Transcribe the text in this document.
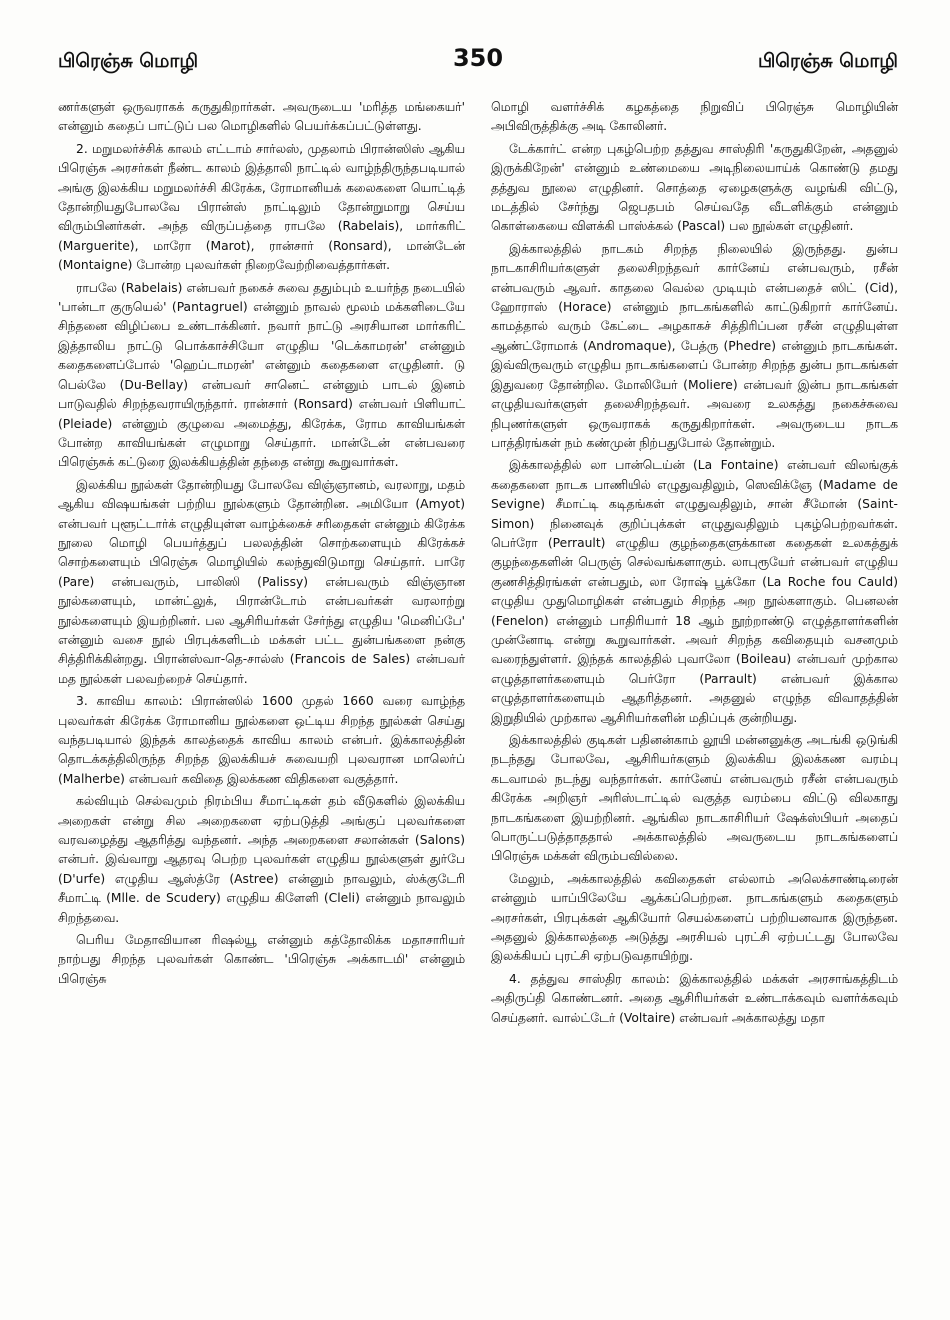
பிரெஞ்சு மொழி	350	பிரெஞ்சு மொழி

ணர்களுள் ஒருவராகக் கருதுகிறார்கள். அவருடைய 'மரித்த மங்கையர்' என்னும் கதைப் பாட்டுப் பல மொழிகளில் பெயர்க்கப்பட்டுள்ளது.

2. மறுமலர்ச்சிக் காலம் எட்டாம் சார்லஸ், முதலாம் பிரான்ஸிஸ் ஆகிய பிரெஞ்சு அரசர்கள் நீண்ட காலம் இத்தாலி நாட்டில் வாழ்ந்திருந்தபடியால் அங்கு இலக்கிய மறுமலர்ச்சி கிரேக்க, ரோமானியக் கலைகளை யொட்டித் தோன்றியதுபோலவே பிரான்ஸ் நாட்டிலும் தோன்றுமாறு செய்ய விரும்பினர்கள். அந்த விருப்பத்தை ராபலே (Rabelais), மார்கரிட் (Marguerite), மாரோ (Marot), ரான்சார் (Ronsard), மான்டேன் (Montaigne) போன்ற புலவர்கள் நிறைவேற்றிவைத்தார்கள்.

ராபலே (Rabelais) என்பவர் நகைச் சுவை ததும்பும் உயர்ந்த நடையில் 'பான்டா குருயெல்' (Pantagruel) என்னும் நாவல் மூலம் மக்களிடையே சிந்தனை விழிப்பை உண்டாக்கினர். நவார் நாட்டு அரசியான மார்கரிட் இத்தாலிய நாட்டு பொக்காச்சியோ எழுதிய 'டெக்காமரன்' என்னும் கதைகளைப்போல் 'ஹெப்டாமரன்' என்னும் கதைகளை எழுதினர். டு பெல்லே (Du-Bellay) என்பவர் சானெட் என்னும் பாடல் இனம் பாடுவதில் சிறந்தவராயிருந்தார். ரான்சார் (Ronsard) என்பவர் பிளியாட் (Pleiade) என்னும் குழுவை அமைத்து, கிரேக்க, ரோம காவியங்கள் போன்ற காவியங்கள் எழுமாறு செய்தார். மான்டேன் என்பவரை பிரெஞ்சுக் கட்டுரை இலக்கியத்தின் தந்தை என்று கூறுவார்கள்.

இலக்கிய நூல்கள் தோன்றியது போலவே விஞ்ஞானம், வரலாறு, மதம் ஆகிய விஷயங்கள் பற்றிய நூல்களும் தோன்றின. அமியோ (Amyot) என்பவர் புளூட்டார்க் எழுதியுள்ள வாழ்க்கைச் சரிதைகள் என்னும் கிரேக்க நூலை மொழி பெயர்த்துப் பலலத்தின் சொற்களையும் கிரேக்கச் சொற்களையும் பிரெஞ்சு மொழியில் கலந்துவிடுமாறு செய்தார். பாரே (Pare) என்பவரும், பாலிஸி (Palissy) என்பவரும் விஞ்ஞான நூல்களையும், மான்ட்லுக், பிரான்டோம் என்பவர்கள் வரலாற்று நூல்களையும் இயற்றினர். பல ஆசிரியர்கள் சேர்ந்து எழுதிய 'மெனிப்பே' என்னும் வசை நூல் பிரபுக்களிடம் மக்கள் பட்ட துன்பங்களை நன்கு சித்திரிக்கின்றது. பிரான்ஸ்வா-தெ-சால்ஸ் (Francois de Sales) என்பவர் மத நூல்கள் பலவற்றைச் செய்தார்.

3. காவிய காலம்: பிரான்ஸில் 1600 முதல் 1660 வரை வாழ்ந்த புலவர்கள் கிரேக்க ரோமானிய நூல்களை ஒட்டிய சிறந்த நூல்கள் செய்து வந்தபடியால் இந்தக் காலத்தைக் காவிய காலம் என்பர். இக்காலத்தின் தொடக்கத்திலிருந்த சிறந்த இலக்கியச் சுவையறி புலவரான மாலெர்ப் (Malherbe) என்பவர் கவிதை இலக்கண விதிகளை வகுத்தார்.

கல்வியும் செல்வமும் நிரம்பிய சீமாட்டிகள் தம் வீடுகளில் இலக்கிய அறைகள் என்று சில அறைகளை ஏற்படுத்தி அங்குப் புலவர்களை வரவழைத்து ஆதரித்து வந்தனர். அந்த அறைகளை சலான்கள் (Salons) என்பர். இவ்வாறு ஆதரவு பெற்ற புலவர்கள் எழுதிய நூல்களுள் துர்பே (D'urfe) எழுதிய ஆஸ்த்ரே (Astree) என்னும் நாவலும், ஸ்க்குடேரி சீமாட்டி (Mlle. de Scudery) எழுதிய கிளேளி (Cleli) என்னும் நாவலும் சிறந்தவை.

பெரிய மேதாவியான ரிஷல்யூ என்னும் கத்தோலிக்க மதாசாரியர் நாற்பது சிறந்த புலவர்கள் கொண்ட 'பிரெஞ்சு அக்காடமி' என்னும் பிரெஞ்சு

மொழி வளர்ச்சிக் கழகத்தை நிறுவிப் பிரெஞ்சு மொழியின் அபிவிருத்திக்கு அடி கோலினர்.

டேக்கார்ட் என்ற புகழ்பெற்ற தத்துவ சாஸ்திரி 'கருதுகிறேன், அதனுல் இருக்கிறேன்' என்னும் உண்மையை அடிநிலையாய்க் கொண்டு தமது தத்துவ நூலை எழுதினர். சொத்தை ஏழைகளுக்கு வழங்கி விட்டு, மடத்தில் சேர்ந்து ஜெபதபம் செய்வதே வீடளிக்கும் என்னும் கொள்கையை விளக்கி பாஸ்க்கல் (Pascal) பல நூல்கள் எழுதினர்.

இக்காலத்தில் நாடகம் சிறந்த நிலையில் இருந்தது. துன்ப நாடகாசிரியர்களுள் தலைசிறந்தவர் கார்னேய் என்பவரும், ரசீன் என்பவரும் ஆவர். காதலை வெல்ல முடியும் என்பதைச் ஸிட் (Cid), ஹோராஸ் (Horace) என்னும் நாடகங்களில் காட்டுகிறார் கார்னேய். காமத்தால் வரும் கேட்டை அழகாகச் சித்திரிப்பன ரசீன் எழுதியுள்ள ஆண்ட்ரோமாக் (Andromaque), பேத்ரு (Phedre) என்னும் நாடகங்கள். இவ்விருவரும் எழுதிய நாடகங்களைப் போன்ற சிறந்த துன்ப நாடகங்கள் இதுவரை தோன்றில. மோலியேர் (Moliere) என்பவர் இன்ப நாடகங்கள் எழுதியவர்களுள் தலைசிறந்தவர். அவரை உலகத்து நகைச்சுவை நிபுணர்களுள் ஒருவராகக் கருதுகிறார்கள். அவருடைய நாடக பாத்திரங்கள் நம் கண்முன் நிற்பதுபோல் தோன்றும்.

இக்காலத்தில் லா பான்டெய்ன் (La Fontaine) என்பவர் விலங்குக் கதைகளை நாடக பாணியில் எழுதுவதிலும், ஸெவிக்ஞே (Madame de Sevigne) சீமாட்டி கடிதங்கள் எழுதுவதிலும், சான் சீமோன் (Saint-Simon) நினைவுக் குறிப்புக்கள் எழுதுவதிலும் புகழ்பெற்றவர்கள். பெர்ரோ (Perrault) எழுதிய குழந்தைகளுக்கான கதைகள் உலகத்துக் குழந்தைகளின் பெருஞ் செல்வங்களாகும். லாபுரூயேர் என்பவர் எழுதிய குணசித்திரங்கள் என்பதும், லா ரோஷ் பூக்கோ (La Roche fou Cauld) எழுதிய முதுமொழிகள் என்பதும் சிறந்த அற நூல்களாகும். பெனலன் (Fenelon) என்னும் பாதிரியார் 18 ஆம் நூற்றாண்டு எழுத்தாளர்களின் முன்னோடி என்று கூறுவார்கள். அவர் சிறந்த கவிதையும் வசனமும் வரைந்துள்ளர். இந்தக் காலத்தில் புவாலோ (Boileau) என்பவர் முற்கால எழுத்தாளர்களையும் பெர்ரோ (Parrault) என்பவர் இக்கால எழுத்தாளர்களையும் ஆதரித்தனர். அதனுல் எழுந்த விவாதத்தின் இறுதியில் முற்கால ஆசிரியர்களின் மதிப்புக் குன்றியது.

இக்காலத்தில் குடிகள் பதினன்காம் லூயி மன்னனுக்கு அடங்கி ஒடுங்கி நடந்தது போலவே, ஆசிரியர்களும் இலக்கிய இலக்கண வரம்பு கடவாமல் நடந்து வந்தார்கள். கார்னேய் என்பவரும் ரசீன் என்பவரும் கிரேக்க அறிஞர் அரிஸ்டாட்டில் வகுத்த வரம்பை விட்டு விலகாது நாடகங்களை இயற்றினர். ஆங்கில நாடகாசிரியர் ஷேக்ஸ்பியர் அதைப் பொருட்படுத்தாததால் அக்காலத்தில் அவருடைய நாடகங்களைப் பிரெஞ்சு மக்கள் விரும்பவில்லை.

மேலும், அக்காலத்தில் கவிதைகள் எல்லாம் அலெக்சாண்டிரைன் என்னும் யாப்பிலேயே ஆக்கப்பெற்றன. நாடகங்களும் கதைகளும் அரசர்கள், பிரபுக்கள் ஆகியோர் செயல்களைப் பற்றியனவாக இருந்தன. அதனுல் இக்காலத்தை அடுத்து அரசியல் புரட்சி ஏற்பட்டது போலவே இலக்கியப் புரட்சி ஏற்படுவதாயிற்று.

4. தத்துவ சாஸ்திர காலம்: இக்காலத்தில் மக்கள் அரசாங்கத்திடம் அதிருப்தி கொண்டனர். அதை ஆசிரியர்கள் உண்டாக்கவும் வளர்க்கவும் செய்தனர். வால்ட்டேர் (Voltaire) என்பவர் அக்காலத்து மதா
